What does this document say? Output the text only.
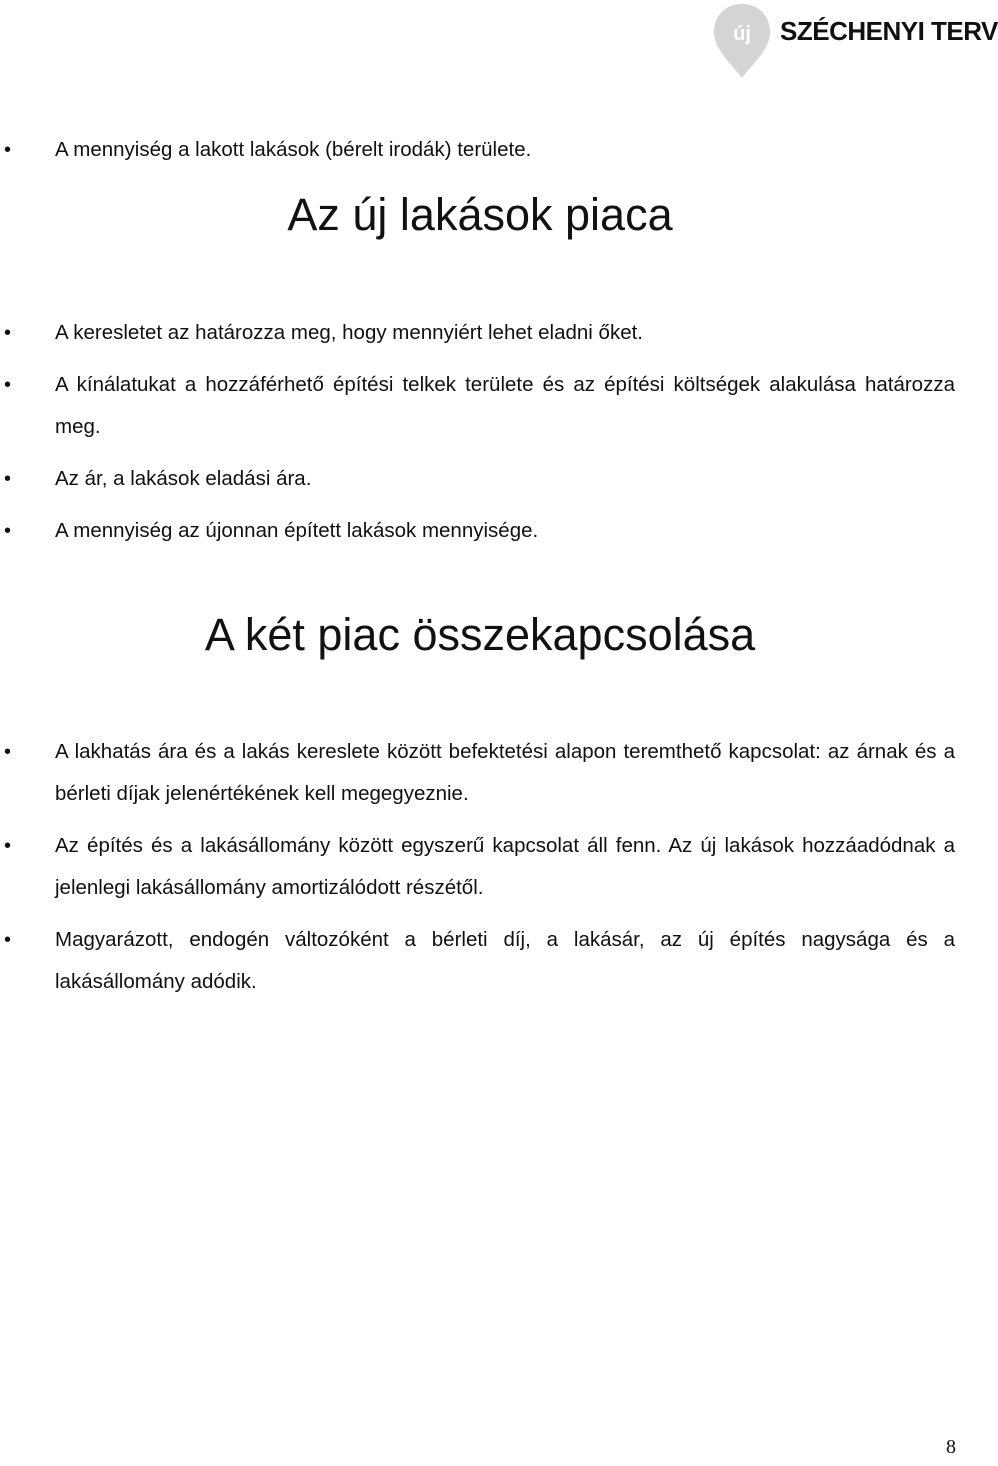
új SZÉCHENYI TERV
• A mennyiség a lakott lakások (bérelt irodák) területe.
Az új lakások piaca
• A keresletet az határozza meg, hogy mennyiért lehet eladni őket.
• A kínálatukat a hozzáférhető építési telkek területe és az építési költségek alakulása határozza meg.
• Az ár, a lakások eladási ára.
• A mennyiség az újonnan épített lakások mennyisége.
A két piac összekapcsolása
• A lakhatás ára és a lakás kereslete között befektetési alapon teremthető kapcsolat: az árnak és a bérleti díjak jelenértékének kell megegyeznie.
• Az építés és a lakásállomány között egyszerű kapcsolat áll fenn. Az új lakások hozzáadódnak a jelenlegi lakásállomány amortizálódott részétől.
• Magyarázott, endogén változóként a bérleti díj, a lakásár, az új építés nagysága és a lakásállomány adódik.
8
